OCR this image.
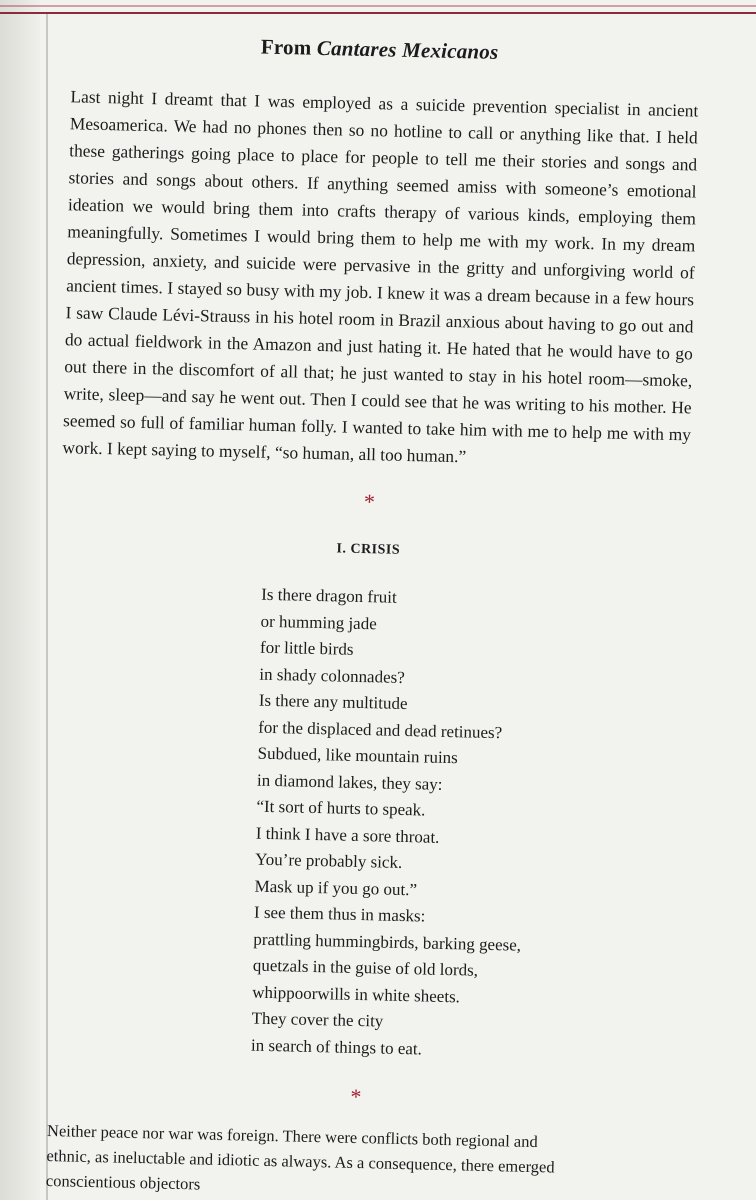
From Cantares Mexicanos

Last night I dreamt that I was employed as a suicide prevention specialist in ancient Mesoamerica. We had no phones then so no hotline to call or anything like that. I held these gatherings going place to place for people to tell me their stories and songs and stories and songs about others. If anything seemed amiss with someone’s emotional ideation we would bring them into crafts therapy of various kinds, employing them meaningfully. Sometimes I would bring them to help me with my work. In my dream depression, anxiety, and suicide were pervasive in the gritty and unforgiving world of ancient times. I stayed so busy with my job. I knew it was a dream because in a few hours I saw Claude Lévi-Strauss in his hotel room in Brazil anxious about having to go out and do actual fieldwork in the Amazon and just hating it. He hated that he would have to go out there in the discomfort of all that; he just wanted to stay in his hotel room—smoke, write, sleep—and say he went out. Then I could see that he was writing to his mother. He seemed so full of familiar human folly. I wanted to take him with me to help me with my work. I kept saying to myself, “so human, all too human.”

*
I. CRISIS
Is there dragon fruit
or humming jade
for little birds
in shady colonnades?
Is there any multitude
for the displaced and dead retinues?
Subdued, like mountain ruins
in diamond lakes, they say:
“It sort of hurts to speak.
I think I have a sore throat.
You’re probably sick.
Mask up if you go out.”
I see them thus in masks:
prattling hummingbirds, barking geese,
quetzals in the guise of old lords,
whippoorwills in white sheets.
They cover the city
in search of things to eat.
*
Neither peace nor war was foreign. There were conflicts both regional and
ethnic, as ineluctable and idiotic as always. As a consequence, there emerged
conscientious objectors
